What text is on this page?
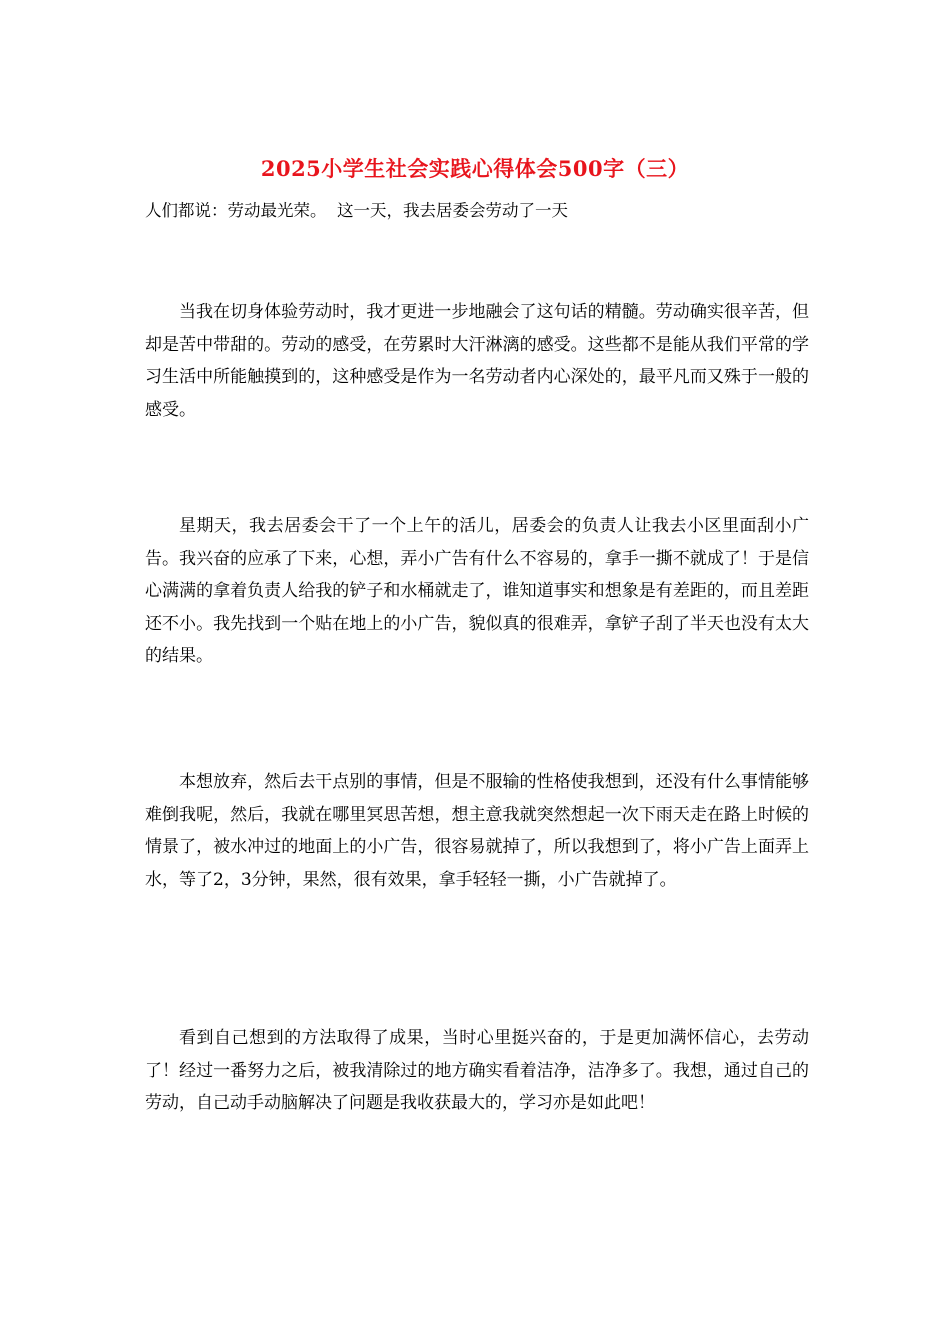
2025小学生社会实践心得体会500字（三）
人们都说：劳动最光荣。  这一天，我去居委会劳动了一天

当我在切身体验劳动时，我才更进一步地融会了这句话的精髓。劳动确实很辛苦，但却是苦中带甜的。劳动的感受，在劳累时大汗淋漓的感受。这些都不是能从我们平常的学习生活中所能触摸到的，这种感受是作为一名劳动者内心深处的，最平凡而又殊于一般的感受。

星期天，我去居委会干了一个上午的活儿，居委会的负责人让我去小区里面刮小广告。我兴奋的应承了下来，心想，弄小广告有什么不容易的，拿手一撕不就成了！于是信心满满的拿着负责人给我的铲子和水桶就走了，谁知道事实和想象是有差距的，而且差距还不小。我先找到一个贴在地上的小广告，貌似真的很难弄，拿铲子刮了半天也没有太大的结果。

本想放弃，然后去干点别的事情，但是不服输的性格使我想到，还没有什么事情能够难倒我呢，然后，我就在哪里冥思苦想，想主意我就突然想起一次下雨天走在路上时候的情景了，被水冲过的地面上的小广告，很容易就掉了，所以我想到了，将小广告上面弄上水，等了2，3分钟，果然，很有效果，拿手轻轻一撕，小广告就掉了。

看到自己想到的方法取得了成果，当时心里挺兴奋的，于是更加满怀信心，去劳动了！经过一番努力之后，被我清除过的地方确实看着洁净，洁净多了。我想，通过自己的劳动，自己动手动脑解决了问题是我收获最大的，学习亦是如此吧！
